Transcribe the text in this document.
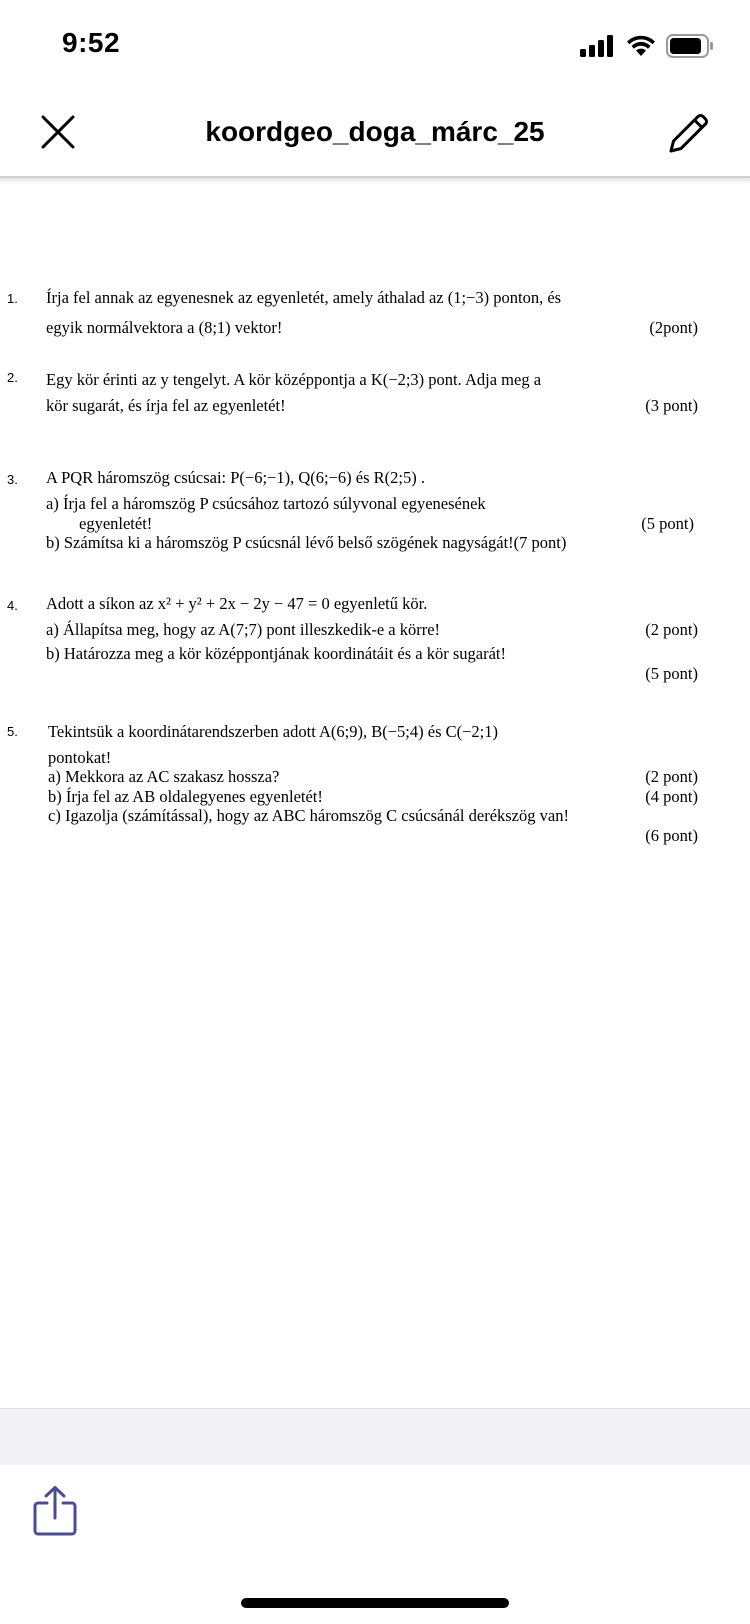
9:52
koordgeo_doga_márc_25
1. Írja fel annak az egyenesnek az egyenletét, amely áthalad az (1;−3) ponton, és
egyik normálvektora a (8;1) vektor!	(2pont)
2. Egy kör érinti az y tengelyt. A kör középpontja a K(−2;3) pont. Adja meg a
kör sugarát, és írja fel az egyenletét!	(3 pont)
3. A PQR háromszög csúcsai: P(−6;−1), Q(6;−6) és R(2;5) .
a) Írja fel a háromszög P csúcsához tartozó súlyvonal egyenesének
egyenletét!	(5 pont)
b) Számítsa ki a háromszög P csúcsnál lévő belső szögének nagyságát!(7 pont)
4. Adott a síkon az x² + y² + 2x − 2y − 47 = 0 egyenletű kör.
a) Állapítsa meg, hogy az A(7;7) pont illeszkedik-e a körre!	(2 pont)
b) Határozza meg a kör középpontjának koordinátáit és a kör sugarát!
(5 pont)
5. Tekintsük a koordinátarendszerben adott A(6;9), B(−5;4) és C(−2;1)
pontokat!
a) Mekkora az AC szakasz hossza?	(2 pont)
b) Írja fel az AB oldalegyenes egyenletét!	(4 pont)
c) Igazolja (számítással), hogy az ABC háromszög C csúcsánál derékszög van!
(6 pont)
